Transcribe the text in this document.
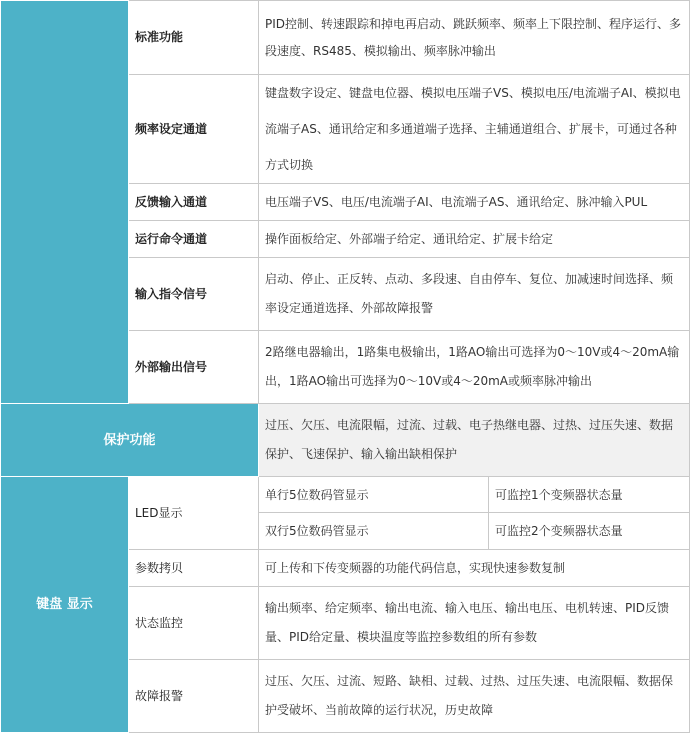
	标准功能	PID控制、转速跟踪和掉电再启动、跳跃频率、频率上下限控制、程序运行、多段速度、RS485、模拟输出、频率脉冲输出	
	频率设定通道	键盘数字设定、键盘电位器、模拟电压端子VS、模拟电压/电流端子AI、模拟电流端子AS、通讯给定和多通道端子选择、主辅通道组合、扩展卡，可通过各种方式切换	
	反馈输入通道	电压端子VS、电压/电流端子AI、电流端子AS、通讯给定、脉冲输入PUL	
	运行命令通道	操作面板给定、外部端子给定、通讯给定、扩展卡给定	
	输入指令信号	启动、停止、正反转、点动、多段速、自由停车、复位、加减速时间选择、频率设定通道选择、外部故障报警	
	外部输出信号	2路继电器输出，1路集电极输出，1路AO输出可选择为0～10V或4～20mA输出，1路AO输出可选择为0～10V或4～20mA或频率脉冲输出	
保护功能		过压、欠压、电流限幅，过流、过载、电子热继电器、过热、过压失速、数据保护、飞速保护、输入输出缺相保护	
键盘 显示	LED显示	单行5位数码管显示	可监控1个变频器状态量
		双行5位数码管显示	可监控2个变频器状态量
	参数拷贝	可上传和下传变频器的功能代码信息，实现快速参数复制	
	状态监控	输出频率、给定频率、输出电流、输入电压、输出电压、电机转速、PID反馈量、PID给定量、模块温度等监控参数组的所有参数	
	故障报警	过压、欠压、过流、短路、缺相、过载、过热、过压失速、电流限幅、数据保护受破坏、当前故障的运行状况，历史故障	
